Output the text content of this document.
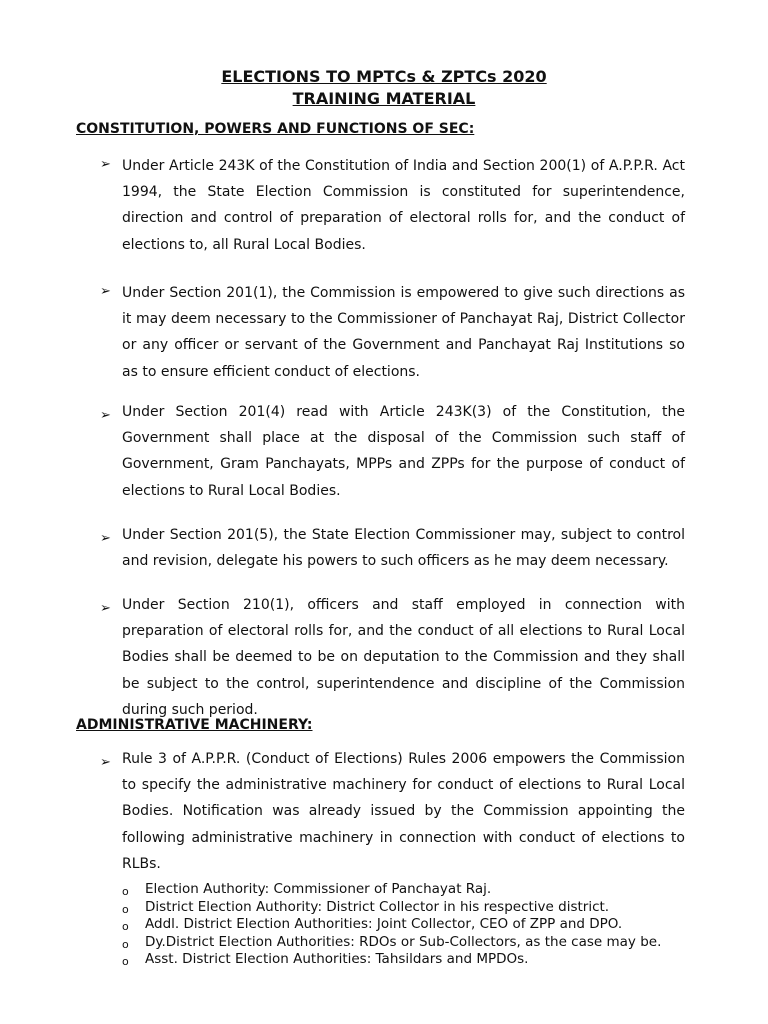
ELECTIONS TO MPTCs & ZPTCs 2020
TRAINING MATERIAL
CONSTITUTION, POWERS AND FUNCTIONS OF SEC:
➢ Under Article 243K of the Constitution of India and Section 200(1) of A.P.P.R. Act 1994, the State Election Commission is constituted for superintendence, direction and control of preparation of electoral rolls for, and the conduct of elections to, all Rural Local Bodies.

➢ Under Section 201(1), the Commission is empowered to give such directions as it may deem necessary to the Commissioner of Panchayat Raj, District Collector or any officer or servant of the Government and Panchayat Raj Institutions so as to ensure efficient conduct of elections.

➢ Under Section 201(4) read with Article 243K(3) of the Constitution, the Government shall place at the disposal of the Commission such staff of Government, Gram Panchayats, MPPs and ZPPs for the purpose of conduct of elections to Rural Local Bodies.

➢ Under Section 201(5), the State Election Commissioner may, subject to control and revision, delegate his powers to such officers as he may deem necessary.

➢ Under Section 210(1), officers and staff employed in connection with preparation of electoral rolls for, and the conduct of all elections to Rural Local Bodies shall be deemed to be on deputation to the Commission and they shall be subject to the control, superintendence and discipline of the Commission during such period.

ADMINISTRATIVE MACHINERY:
➢ Rule 3 of A.P.P.R. (Conduct of Elections) Rules 2006 empowers the Commission to specify the administrative machinery for conduct of elections to Rural Local Bodies. Notification was already issued by the Commission appointing the following administrative machinery in connection with conduct of elections to RLBs.

o Election Authority: Commissioner of Panchayat Raj.
o District Election Authority: District Collector in his respective district.
o Addl. District Election Authorities: Joint Collector, CEO of ZPP and DPO.
o Dy.District Election Authorities: RDOs or Sub-Collectors, as the case may be.
o Asst. District Election Authorities: Tahsildars and MPDOs.
